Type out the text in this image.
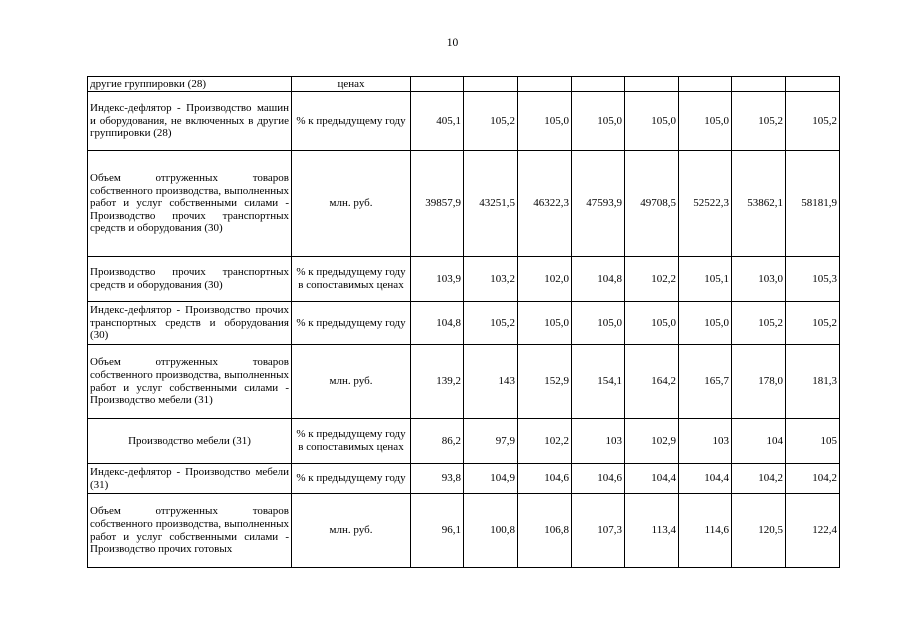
10
другие группировки (28)	ценах								
Индекс-дефлятор - Производство машин и оборудования, не включенных в другие группировки (28)	% к предыдущему году	405,1	105,2	105,0	105,0	105,0	105,0	105,2	105,2
Объем отгруженных товаров собственного производства, выполненных работ и услуг собственными силами - Производство прочих транспортных средств и оборудования (30)	млн. руб.	39857,9	43251,5	46322,3	47593,9	49708,5	52522,3	53862,1	58181,9
Производство прочих транспортных средств и оборудования (30)	% к предыдущему году в сопоставимых ценах	103,9	103,2	102,0	104,8	102,2	105,1	103,0	105,3
Индекс-дефлятор - Производство прочих транспортных средств и оборудования (30)	% к предыдущему году	104,8	105,2	105,0	105,0	105,0	105,0	105,2	105,2
Объем отгруженных товаров собственного производства, выполненных работ и услуг собственными силами - Производство мебели (31)	млн. руб.	139,2	143	152,9	154,1	164,2	165,7	178,0	181,3
Производство мебели (31)	% к предыдущему году в сопоставимых ценах	86,2	97,9	102,2	103	102,9	103	104	105
Индекс-дефлятор - Производство мебели (31)	% к предыдущему году	93,8	104,9	104,6	104,6	104,4	104,4	104,2	104,2
Объем отгруженных товаров собственного производства, выполненных работ и услуг собственными силами - Производство прочих готовых	млн. руб.	96,1	100,8	106,8	107,3	113,4	114,6	120,5	122,4
